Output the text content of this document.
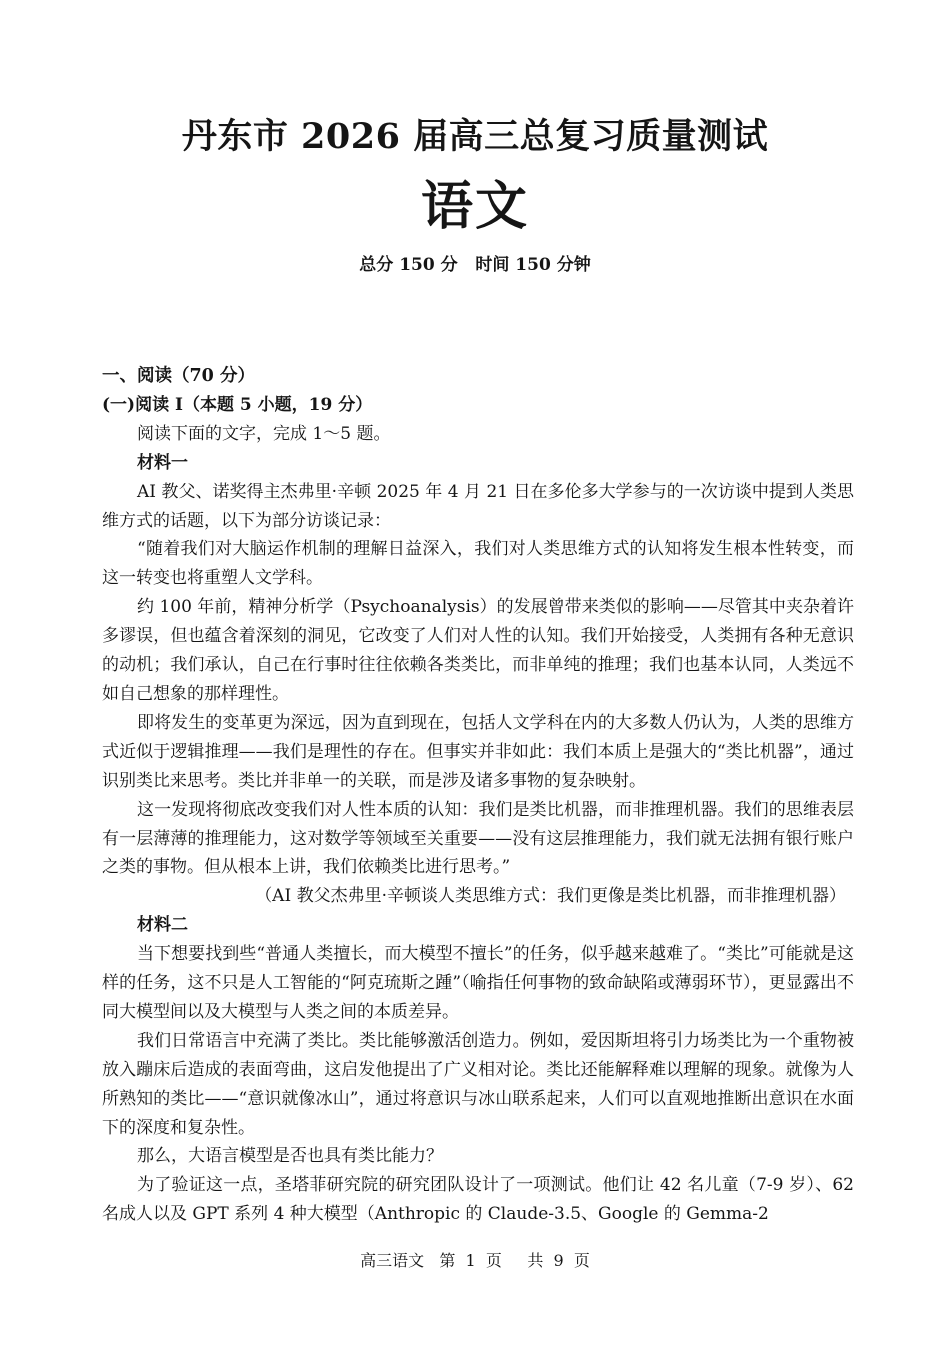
丹东市 2026 届高三总复习质量测试
语文
总分 150 分   时间 150 分钟

一、阅读（70 分）

(一)阅读 I（本题 5 小题，19 分）

阅读下面的文字，完成 1～5 题。

材料一

AI 教父、诺奖得主杰弗里·辛顿 2025 年 4 月 21 日在多伦多大学参与的一次访谈中提到人类思维方式的话题，以下为部分访谈记录：

“随着我们对大脑运作机制的理解日益深入，我们对人类思维方式的认知将发生根本性转变，而这一转变也将重塑人文学科。

约 100 年前，精神分析学（Psychoanalysis）的发展曾带来类似的影响——尽管其中夹杂着许多谬误，但也蕴含着深刻的洞见，它改变了人们对人性的认知。我们开始接受，人类拥有各种无意识的动机；我们承认，自己在行事时往往依赖各类类比，而非单纯的推理；我们也基本认同，人类远不如自己想象的那样理性。

即将发生的变革更为深远，因为直到现在，包括人文学科在内的大多数人仍认为，人类的思维方式近似于逻辑推理——我们是理性的存在。但事实并非如此：我们本质上是强大的“类比机器”，通过识别类比来思考。类比并非单一的关联，而是涉及诸多事物的复杂映射。

这一发现将彻底改变我们对人性本质的认知：我们是类比机器，而非推理机器。我们的思维表层有一层薄薄的推理能力，这对数学等领域至关重要——没有这层推理能力，我们就无法拥有银行账户之类的事物。但从根本上讲，我们依赖类比进行思考。”

（AI 教父杰弗里·辛顿谈人类思维方式：我们更像是类比机器，而非推理机器）

材料二

当下想要找到些“普通人类擅长，而大模型不擅长”的任务，似乎越来越难了。“类比”可能就是这样的任务，这不只是人工智能的“阿克琉斯之踵”（喻指任何事物的致命缺陷或薄弱环节），更显露出不同大模型间以及大模型与人类之间的本质差异。

我们日常语言中充满了类比。类比能够激活创造力。例如，爱因斯坦将引力场类比为一个重物被放入蹦床后造成的表面弯曲，这启发他提出了广义相对论。类比还能解释难以理解的现象。就像为人所熟知的类比——“意识就像冰山”，通过将意识与冰山联系起来，人们可以直观地推断出意识在水面下的深度和复杂性。

那么，大语言模型是否也具有类比能力？

为了验证这一点，圣塔菲研究院的研究团队设计了一项测试。他们让 42 名儿童（7-9 岁）、62 名成人以及 GPT 系列 4 种大模型（Anthropic 的 Claude-3.5、Google 的 Gemma-2

高三语文   第  1  页     共  9  页
